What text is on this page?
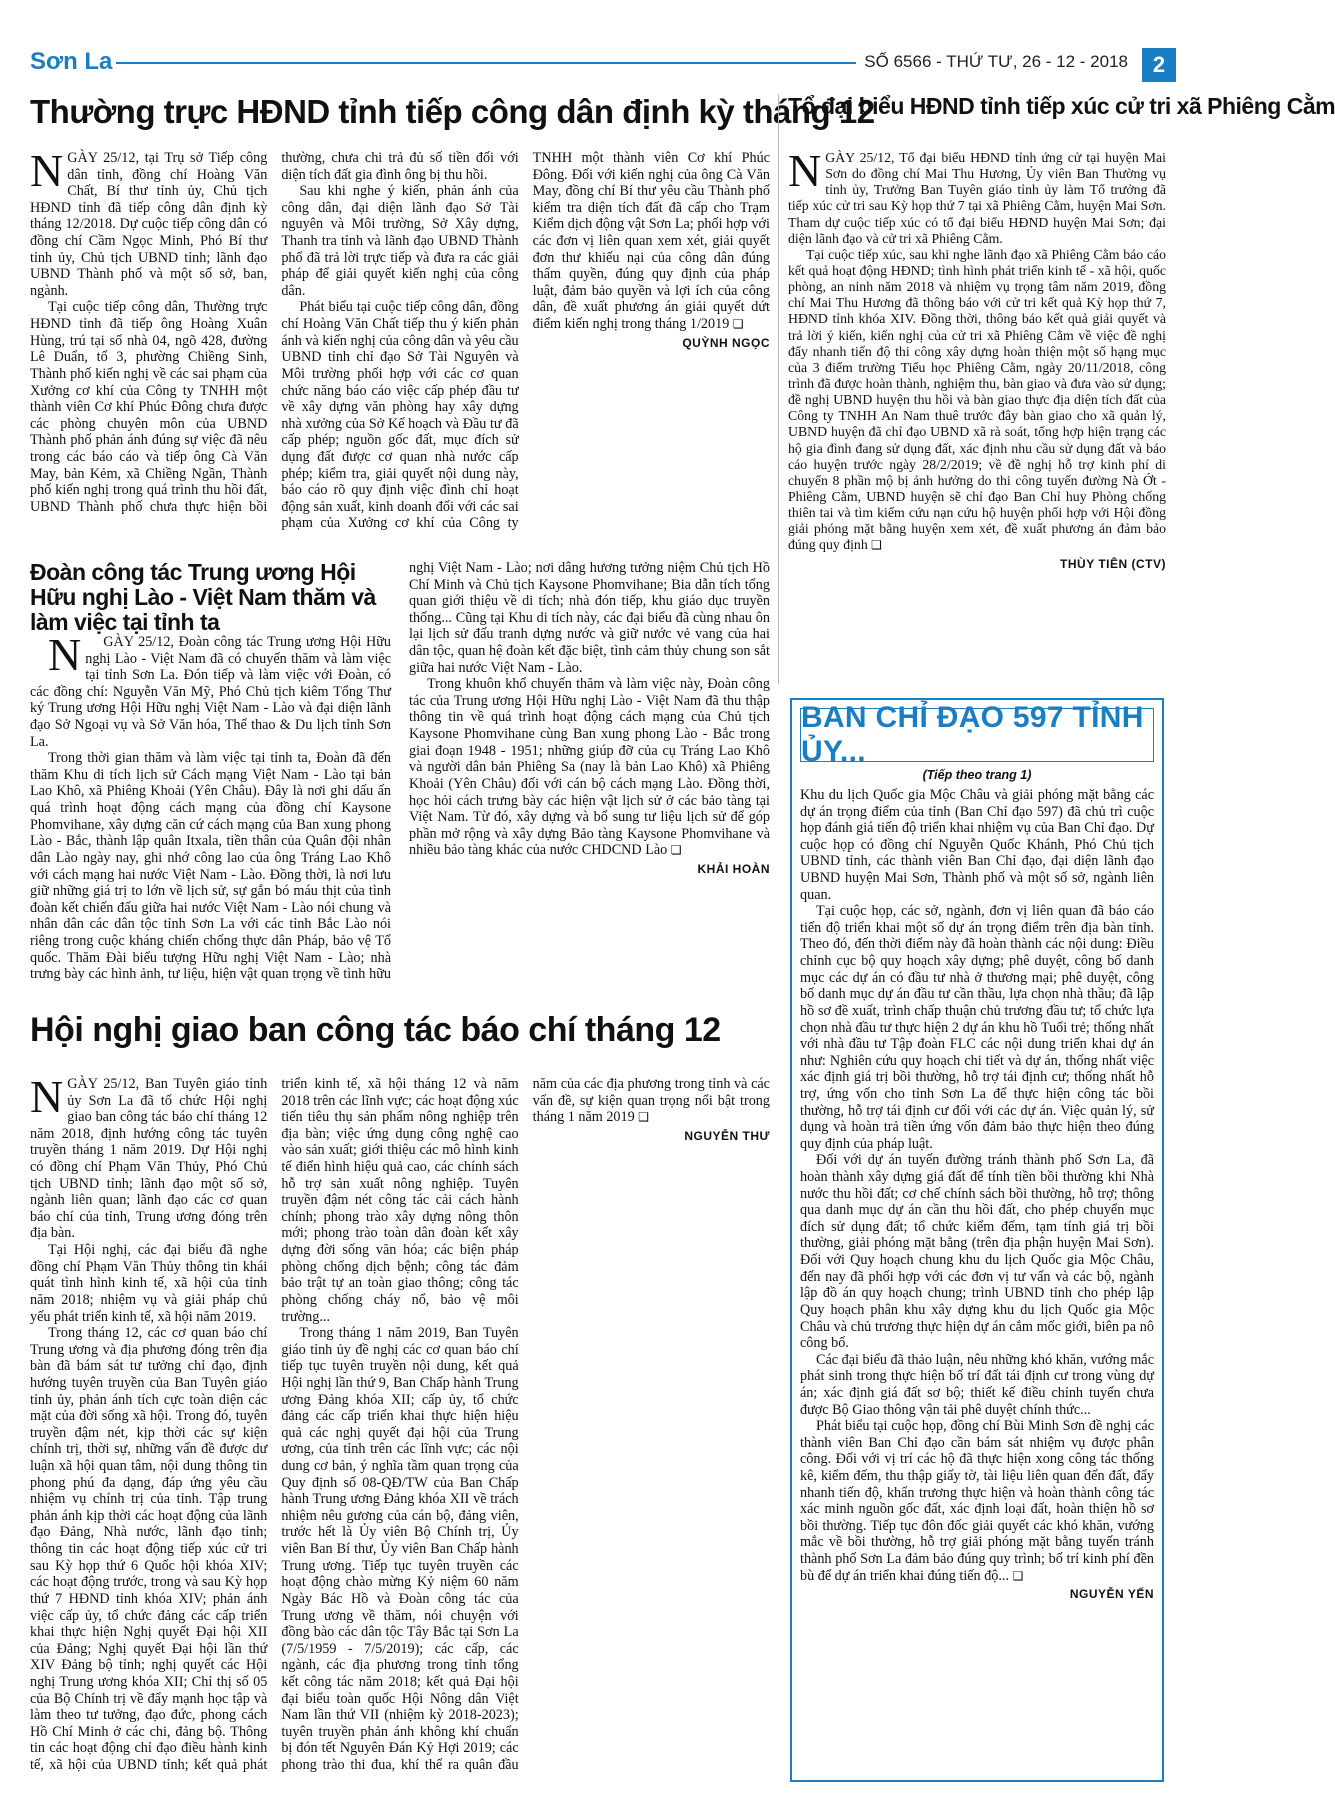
Sơn La	SỐ 6566 - THỨ TƯ, 26 - 12 - 2018	2
Thường trực HĐND tỉnh tiếp công dân định kỳ tháng 12

NGÀY 25/12, tại Trụ sở Tiếp công dân tỉnh, đồng chí Hoàng Văn Chất, Bí thư tỉnh ủy, Chủ tịch HĐND tỉnh đã tiếp công dân định kỳ tháng 12/2018. Dự cuộc tiếp công dân có đồng chí Cầm Ngọc Minh, Phó Bí thư tỉnh ủy, Chủ tịch UBND tỉnh; lãnh đạo UBND Thành phố và một số sở, ban, ngành.

Tại cuộc tiếp công dân, Thường trực HĐND tỉnh đã tiếp ông Hoàng Xuân Hùng, trú tại số nhà 04, ngõ 428, đường Lê Duẩn, tổ 3, phường Chiềng Sinh, Thành phố kiến nghị về các sai phạm của Xưởng cơ khí của Công ty TNHH một thành viên Cơ khí Phúc Đông chưa được các phòng chuyên môn của UBND Thành phố phản ánh đúng sự việc đã nêu trong các báo cáo và tiếp ông Cà Văn May, bản Kẻm, xã Chiềng Ngần, Thành phố kiến nghị trong quá trình thu hồi đất, UBND Thành phố chưa thực hiện bồi thường, chưa chi trả đủ số tiền đối với diện tích đất gia đình ông bị thu hồi.

Sau khi nghe ý kiến, phản ánh của công dân, đại diện lãnh đạo Sở Tài nguyên và Môi trường, Sở Xây dựng, Thanh tra tỉnh và lãnh đạo UBND Thành phố đã trả lời trực tiếp và đưa ra các giải pháp để giải quyết kiến nghị của công dân.

Phát biểu tại cuộc tiếp công dân, đồng chí Hoàng Văn Chất tiếp thu ý kiến phản ánh và kiến nghị của công dân và yêu cầu UBND tỉnh chỉ đạo Sở Tài Nguyên và Môi trường phối hợp với các cơ quan chức năng báo cáo việc cấp phép đầu tư về xây dựng văn phòng hay xây dựng nhà xưởng của Sở Kế hoạch và Đầu tư đã cấp phép; nguồn gốc đất, mục đích sử dụng đất được cơ quan nhà nước cấp phép; kiểm tra, giải quyết nội dung này, báo cáo rõ quy định việc đình chỉ hoạt động sản xuất, kinh doanh đối với các sai phạm của Xưởng cơ khí của Công ty TNHH một thành viên Cơ khí Phúc Đông. Đối với kiến nghị của ông Cà Văn May, đồng chí Bí thư yêu cầu Thành phố kiểm tra diện tích đất đã cấp cho Trạm Kiểm dịch động vật Sơn La; phối hợp với các đơn vị liên quan xem xét, giải quyết đơn thư khiếu nại của công dân đúng thẩm quyền, đúng quy định của pháp luật, đảm bảo quyền và lợi ích của công dân, đề xuất phương án giải quyết dứt điểm kiến nghị trong tháng 1/2019 ❑

QUỲNH NGỌC
Tổ đại biểu HĐND tỉnh tiếp xúc cử tri xã Phiêng Cằm

NGÀY 25/12, Tổ đại biểu HĐND tỉnh ứng cử tại huyện Mai Sơn do đồng chí Mai Thu Hương, Ủy viên Ban Thường vụ tỉnh ủy, Trưởng Ban Tuyên giáo tỉnh ủy làm Tổ trưởng đã tiếp xúc cử tri sau Kỳ họp thứ 7 tại xã Phiêng Cằm, huyện Mai Sơn. Tham dự cuộc tiếp xúc có tổ đại biểu HĐND huyện Mai Sơn; đại diện lãnh đạo và cử tri xã Phiêng Cằm.

Tại cuộc tiếp xúc, sau khi nghe lãnh đạo xã Phiêng Cằm báo cáo kết quả hoạt động HĐND; tình hình phát triển kinh tế - xã hội, quốc phòng, an ninh năm 2018 và nhiệm vụ trọng tâm năm 2019, đồng chí Mai Thu Hương đã thông báo với cử tri kết quả Kỳ họp thứ 7, HĐND tỉnh khóa XIV. Đồng thời, thông báo kết quả giải quyết và trả lời ý kiến, kiến nghị của cử tri xã Phiêng Cằm về việc đề nghị đẩy nhanh tiến độ thi công xây dựng hoàn thiện một số hạng mục của 3 điểm trường Tiểu học Phiêng Cằm, ngày 20/11/2018, công trình đã được hoàn thành, nghiệm thu, bàn giao và đưa vào sử dụng; đề nghị UBND huyện thu hồi và bàn giao thực địa diện tích đất của Công ty TNHH An Nam thuê trước đây bàn giao cho xã quản lý, UBND huyện đã chỉ đạo UBND xã rà soát, tổng hợp hiện trạng các hộ gia đình đang sử dụng đất, xác định nhu cầu sử dụng đất và báo cáo huyện trước ngày 28/2/2019; về đề nghị hỗ trợ kinh phí di chuyển 8 phần mộ bị ảnh hưởng do thi công tuyến đường Nà Ớt - Phiêng Cằm, UBND huyện sẽ chỉ đạo Ban Chỉ huy Phòng chống thiên tai và tìm kiếm cứu nạn cứu hộ huyện phối hợp với Hội đồng giải phóng mặt bằng huyện xem xét, đề xuất phương án đảm bảo đúng quy định ❑

THÙY TIÊN (CTV)
Đoàn công tác Trung ương Hội Hữu nghị Lào - Việt Nam thăm và làm việc tại tỉnh ta

N GÀY 25/12, Đoàn công tác Trung ương Hội Hữu nghị Lào - Việt Nam đã có chuyến thăm và làm việc tại tỉnh Sơn La. Đón tiếp và làm việc với Đoàn, có các đồng chí: Nguyễn Văn Mỹ, Phó Chủ tịch kiêm Tổng Thư ký Trung ương Hội Hữu nghị Việt Nam - Lào và đại diện lãnh đạo Sở Ngoại vụ và Sở Văn hóa, Thể thao & Du lịch tỉnh Sơn La.

Trong thời gian thăm và làm việc tại tỉnh ta, Đoàn đã đến thăm Khu di tích lịch sử Cách mạng Việt Nam - Lào tại bản Lao Khô, xã Phiêng Khoải (Yên Châu). Đây là nơi ghi dấu ấn quá trình hoạt động cách mạng của đồng chí Kaysone Phomvihane, xây dựng căn cứ cách mạng của Ban xung phong Lào - Bắc, thành lập quân Itxala, tiền thân của Quân đội nhân dân Lào ngày nay, ghi nhớ công lao của ông Tráng Lao Khô với cách mạng hai nước Việt Nam - Lào. Đồng thời, là nơi lưu giữ những giá trị to lớn về lịch sử, sự gắn bó máu thịt của tình đoàn kết chiến đấu giữa hai nước Việt Nam - Lào nói chung và nhân dân các dân tộc tỉnh Sơn La với các tỉnh Bắc Lào nói riêng trong cuộc kháng chiến chống thực dân Pháp, bảo vệ Tổ quốc. Thăm Đài biểu tượng Hữu nghị Việt Nam - Lào; nhà trưng bày các hình ảnh, tư liệu, hiện vật quan trọng về tình hữu nghị Việt Nam - Lào; nơi dâng hương tưởng niệm Chủ tịch Hồ Chí Minh và Chủ tịch Kaysone Phomvihane; Bia dẫn tích tổng quan giới thiệu về di tích; nhà đón tiếp, khu giáo dục truyền thống... Cũng tại Khu di tích này, các đại biểu đã cùng nhau ôn lại lịch sử đấu tranh dựng nước và giữ nước vẻ vang của hai dân tộc, quan hệ đoàn kết đặc biệt, tình cảm thủy chung son sắt giữa hai nước Việt Nam - Lào.

Trong khuôn khổ chuyến thăm và làm việc này, Đoàn công tác của Trung ương Hội Hữu nghị Lào - Việt Nam đã thu thập thông tin về quá trình hoạt động cách mạng của Chủ tịch Kaysone Phomvihane cùng Ban xung phong Lào - Bắc trong giai đoạn 1948 - 1951; những giúp đỡ của cụ Tráng Lao Khô và người dân bản Phiêng Sa (nay là bản Lao Khô) xã Phiêng Khoải (Yên Châu) đối với cán bộ cách mạng Lào. Đồng thời, học hỏi cách trưng bày các hiện vật lịch sử ở các bảo tàng tại Việt Nam. Từ đó, xây dựng và bổ sung tư liệu lịch sử để góp phần mở rộng và xây dựng Bảo tàng Kaysone Phomvihane và nhiều bảo tàng khác của nước CHDCND Lào ❑

KHẢI HOÀN
Hội nghị giao ban công tác báo chí tháng 12

NGÀY 25/12, Ban Tuyên giáo tỉnh ủy Sơn La đã tổ chức Hội nghị giao ban công tác báo chí tháng 12 năm 2018, định hướng công tác tuyên truyền tháng 1 năm 2019. Dự Hội nghị có đồng chí Phạm Văn Thủy, Phó Chủ tịch UBND tỉnh; lãnh đạo một số sở, ngành liên quan; lãnh đạo các cơ quan báo chí của tỉnh, Trung ương đóng trên địa bàn.

Tại Hội nghị, các đại biểu đã nghe đồng chí Phạm Văn Thủy thông tin khái quát tình hình kinh tế, xã hội của tỉnh năm 2018; nhiệm vụ và giải pháp chủ yếu phát triển kinh tế, xã hội năm 2019.

Trong tháng 12, các cơ quan báo chí Trung ương và địa phương đóng trên địa bàn đã bám sát tư tưởng chỉ đạo, định hướng tuyên truyền của Ban Tuyên giáo tỉnh ủy, phản ánh tích cực toàn diện các mặt của đời sống xã hội. Trong đó, tuyên truyền đậm nét, kịp thời các sự kiện chính trị, thời sự, những vấn đề được dư luận xã hội quan tâm, nội dung thông tin phong phú đa dạng, đáp ứng yêu cầu nhiệm vụ chính trị của tỉnh. Tập trung phản ánh kịp thời các hoạt động của lãnh đạo Đảng, Nhà nước, lãnh đạo tỉnh; thông tin các hoạt động tiếp xúc cử tri sau Kỳ họp thứ 6 Quốc hội khóa XIV; các hoạt động trước, trong và sau Kỳ họp thứ 7 HĐND tỉnh khóa XIV; phản ánh việc cấp ủy, tổ chức đảng các cấp triển khai thực hiện Nghị quyết Đại hội XII của Đảng; Nghị quyết Đại hội lần thứ XIV Đảng bộ tỉnh; nghị quyết các Hội nghị Trung ương khóa XII; Chỉ thị số 05 của Bộ Chính trị về đẩy mạnh học tập và làm theo tư tưởng, đạo đức, phong cách Hồ Chí Minh ở các chi, đảng bộ. Thông tin các hoạt động chỉ đạo điều hành kinh tế, xã hội của UBND tỉnh; kết quả phát triển kinh tế, xã hội tháng 12 và năm 2018 trên các lĩnh vực; các hoạt động xúc tiến tiêu thụ sản phẩm nông nghiệp trên địa bàn; việc ứng dụng công nghệ cao vào sản xuất; giới thiệu các mô hình kinh tế điển hình hiệu quả cao, các chính sách hỗ trợ sản xuất nông nghiệp. Tuyên truyền đậm nét công tác cải cách hành chính; phong trào xây dựng nông thôn mới; phong trào toàn dân đoàn kết xây dựng đời sống văn hóa; các biện pháp phòng chống dịch bệnh; công tác đảm bảo trật tự an toàn giao thông; công tác phòng chống cháy nổ, bảo vệ môi trường...

Trong tháng 1 năm 2019, Ban Tuyên giáo tỉnh ủy đề nghị các cơ quan báo chí tiếp tục tuyên truyền nội dung, kết quả Hội nghị lần thứ 9, Ban Chấp hành Trung ương Đảng khóa XII; cấp ủy, tổ chức đảng các cấp triển khai thực hiện hiệu quả các nghị quyết đại hội của Trung ương, của tỉnh trên các lĩnh vực; các nội dung cơ bản, ý nghĩa tầm quan trọng của Quy định số 08-QĐ/TW của Ban Chấp hành Trung ương Đảng khóa XII về trách nhiệm nêu gương của cán bộ, đảng viên, trước hết là Ủy viên Bộ Chính trị, Ủy viên Ban Bí thư, Ủy viên Ban Chấp hành Trung ương. Tiếp tục tuyên truyền các hoạt động chào mừng Kỷ niệm 60 năm Ngày Bác Hồ và Đoàn công tác của Trung ương về thăm, nói chuyện với đồng bào các dân tộc Tây Bắc tại Sơn La (7/5/1959 - 7/5/2019); các cấp, các ngành, các địa phương trong tỉnh tổng kết công tác năm 2018; kết quả Đại hội đại biểu toàn quốc Hội Nông dân Việt Nam lần thứ VII (nhiệm kỳ 2018-2023); tuyên truyền phản ánh không khí chuẩn bị đón tết Nguyên Đán Kỷ Hợi 2019; các phong trào thi đua, khí thế ra quân đầu năm của các địa phương trong tỉnh và các vấn đề, sự kiện quan trọng nổi bật trong tháng 1 năm 2019 ❑

NGUYỄN THƯ
BAN CHỈ ĐẠO 597 TỈNH ỦY...
(Tiếp theo trang 1)

Khu du lịch Quốc gia Mộc Châu và giải phóng mặt bằng các dự án trọng điểm của tỉnh (Ban Chỉ đạo 597) đã chủ trì cuộc họp đánh giá tiến độ triển khai nhiệm vụ của Ban Chỉ đạo. Dự cuộc họp có đồng chí Nguyễn Quốc Khánh, Phó Chủ tịch UBND tỉnh, các thành viên Ban Chỉ đạo, đại diện lãnh đạo UBND huyện Mai Sơn, Thành phố và một số sở, ngành liên quan.

Tại cuộc họp, các sở, ngành, đơn vị liên quan đã báo cáo tiến độ triển khai một số dự án trọng điểm trên địa bàn tỉnh. Theo đó, đến thời điểm này đã hoàn thành các nội dung: Điều chỉnh cục bộ quy hoạch xây dựng; phê duyệt, công bố danh mục các dự án có đầu tư nhà ở thương mại; phê duyệt, công bố danh mục dự án đầu tư cần thầu, lựa chọn nhà thầu; đã lập hồ sơ đề xuất, trình chấp thuận chủ trương đầu tư; tổ chức lựa chọn nhà đầu tư thực hiện 2 dự án khu hồ Tuổi trẻ; thống nhất với nhà đầu tư Tập đoàn FLC các nội dung triển khai dự án như: Nghiên cứu quy hoạch chi tiết và dự án, thống nhất việc xác định giá trị bồi thường, hỗ trợ tái định cư; thống nhất hỗ trợ, ứng vốn cho tỉnh Sơn La để thực hiện công tác bồi thường, hỗ trợ tái định cư đối với các dự án. Việc quản lý, sử dụng và hoàn trả tiền ứng vốn đảm bảo thực hiện theo đúng quy định của pháp luật.

Đối với dự án tuyến đường tránh thành phố Sơn La, đã hoàn thành xây dựng giá đất để tính tiền bồi thường khi Nhà nước thu hồi đất; cơ chế chính sách bồi thường, hỗ trợ; thông qua danh mục dự án cần thu hồi đất, cho phép chuyển mục đích sử dụng đất; tổ chức kiểm đếm, tạm tính giá trị bồi thường, giải phóng mặt bằng (trên địa phận huyện Mai Sơn). Đối với Quy hoạch chung khu du lịch Quốc gia Mộc Châu, đến nay đã phối hợp với các đơn vị tư vấn và các bộ, ngành lập đồ án quy hoạch chung; trình UBND tỉnh cho phép lập Quy hoạch phân khu xây dựng khu du lịch Quốc gia Mộc Châu và chủ trương thực hiện dự án cắm mốc giới, biên pa nô công bố.

Các đại biểu đã thảo luận, nêu những khó khăn, vướng mắc phát sinh trong thực hiện bố trí đất tái định cư trong vùng dự án; xác định giá đất sơ bộ; thiết kế điều chỉnh tuyến chưa được Bộ Giao thông vận tải phê duyệt chính thức...

Phát biểu tại cuộc họp, đồng chí Bùi Minh Sơn đề nghị các thành viên Ban Chỉ đạo cần bám sát nhiệm vụ được phân công. Đối với vị trí các hộ đã thực hiện xong công tác thống kê, kiểm đếm, thu thập giấy tờ, tài liệu liên quan đến đất, đẩy nhanh tiến độ, khẩn trương thực hiện và hoàn thành công tác xác minh nguồn gốc đất, xác định loại đất, hoàn thiện hồ sơ bồi thường. Tiếp tục đôn đốc giải quyết các khó khăn, vướng mắc về bồi thường, hỗ trợ giải phóng mặt bằng tuyến tránh thành phố Sơn La đảm bảo đúng quy trình; bố trí kinh phí đền bù để dự án triển khai đúng tiến độ... ❑

NGUYỄN YẾN
